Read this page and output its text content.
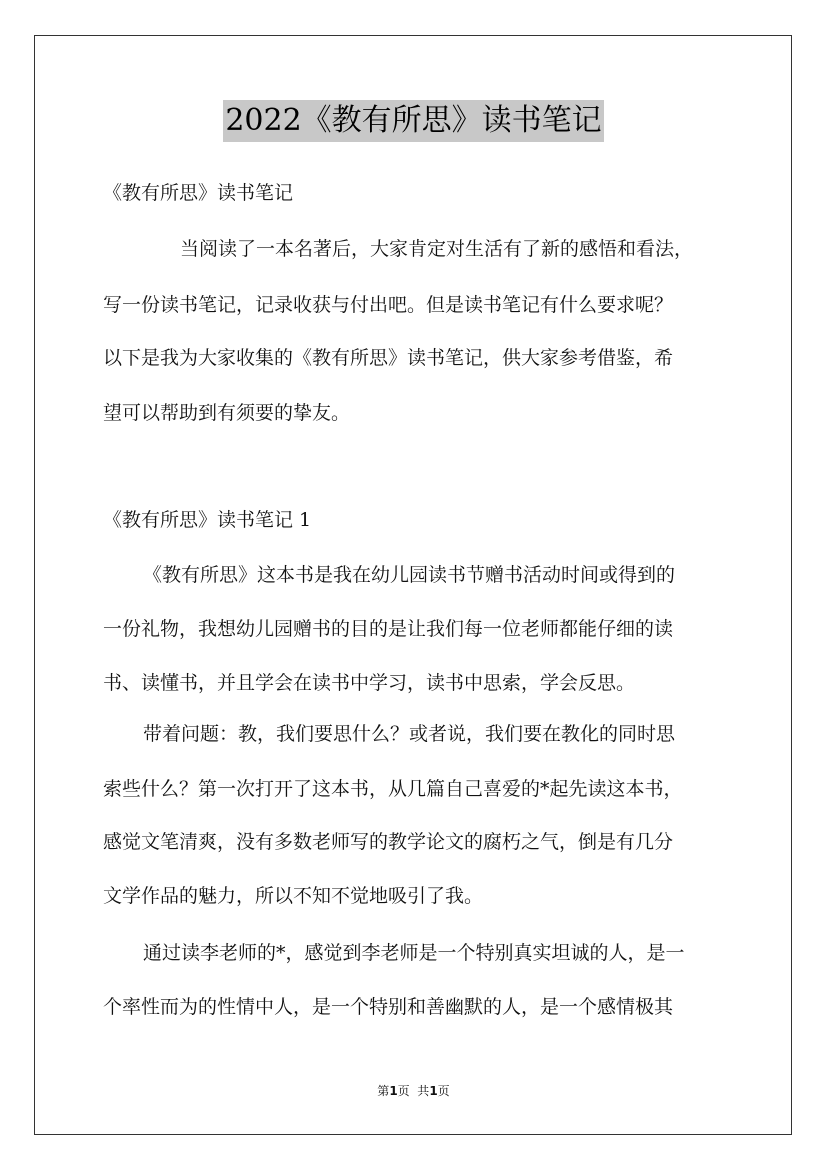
2022《教有所思》读书笔记
《教有所思》读书笔记
当阅读了一本名著后，大家肯定对生活有了新的感悟和看法，
写一份读书笔记，记录收获与付出吧。但是读书笔记有什么要求呢？
以下是我为大家收集的《教有所思》读书笔记，供大家参考借鉴，希
望可以帮助到有须要的挚友。
《教有所思》读书笔记 1
《教有所思》这本书是我在幼儿园读书节赠书活动时间或得到的
一份礼物，我想幼儿园赠书的目的是让我们每一位老师都能仔细的读
书、读懂书，并且学会在读书中学习，读书中思索，学会反思。
带着问题：教，我们要思什么？或者说，我们要在教化的同时思
索些什么？第一次打开了这本书，从几篇自己喜爱的*起先读这本书，
感觉文笔清爽，没有多数老师写的教学论文的腐朽之气，倒是有几分
文学作品的魅力，所以不知不觉地吸引了我。
通过读李老师的*，感觉到李老师是一个特别真实坦诚的人，是一
个率性而为的性情中人，是一个特别和善幽默的人，是一个感情极其
第1页  共1页
